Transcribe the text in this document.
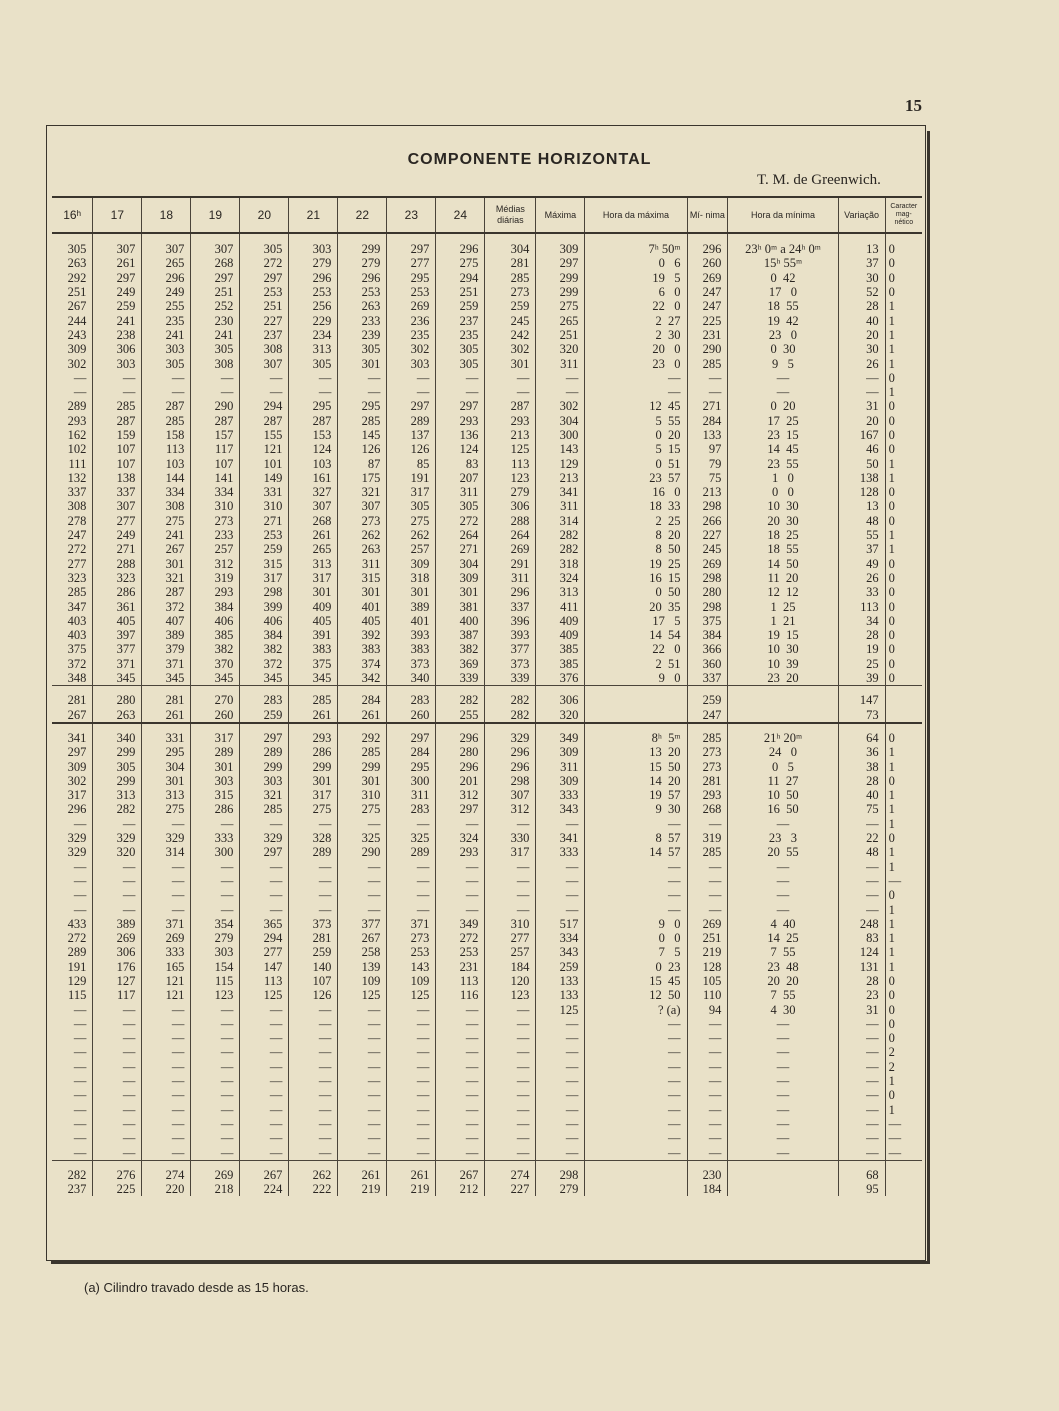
15
COMPONENTE HORIZONTAL
T. M. de Greenwich.
16ʰ	17	18	19	20	21	22	23	24	Médias diárias	Máxima	Hora da máxima	Mí- nima	Hora da mínima	Variação	Caracter mag- nético

305	307	307	307	305	303	299	297	296	304	309	7ʰ 50ᵐ	296	23ʰ 0ᵐ a 24ʰ 0ᵐ	13	0
263	261	265	268	272	279	279	277	275	281	297	0   6	260	15ʰ 55ᵐ	37	0
292	297	296	297	297	296	296	295	294	285	299	19   5	269	0  42	30	0
251	249	249	251	253	253	253	253	251	273	299	6   0	247	17   0	52	0
267	259	255	252	251	256	263	269	259	259	275	22   0	247	18  55	28	1
244	241	235	230	227	229	233	236	237	245	265	2  27	225	19  42	40	1
243	238	241	241	237	234	239	235	235	242	251	2  30	231	23   0	20	1
309	306	303	305	308	313	305	302	305	302	320	20   0	290	0  30	30	1
302	303	305	308	307	305	301	303	305	301	311	23   0	285	9   5	26	1
—	—	—	—	—	—	—	—	—	—	—	—	—	—	—	0
—	—	—	—	—	—	—	—	—	—	—	—	—	—	—	1
289	285	287	290	294	295	295	297	297	287	302	12  45	271	0  20	31	0
293	287	285	287	287	287	285	289	293	293	304	5  55	284	17  25	20	0
162	159	158	157	155	153	145	137	136	213	300	0  20	133	23  15	167	0
102	107	113	117	121	124	126	126	124	125	143	5  15	97	14  45	46	0
111	107	103	107	101	103	87	85	83	113	129	0  51	79	23  55	50	1
132	138	144	141	149	161	175	191	207	123	213	23  57	75	1   0	138	1
337	337	334	334	331	327	321	317	311	279	341	16   0	213	0   0	128	0
308	307	308	310	310	307	307	305	305	306	311	18  33	298	10  30	13	0
278	277	275	273	271	268	273	275	272	288	314	2  25	266	20  30	48	0
247	249	241	233	253	261	262	262	264	264	282	8  20	227	18  25	55	1
272	271	267	257	259	265	263	257	271	269	282	8  50	245	18  55	37	1
277	288	301	312	315	313	311	309	304	291	318	19  25	269	14  50	49	0
323	323	321	319	317	317	315	318	309	311	324	16  15	298	11  20	26	0
285	286	287	293	298	301	301	301	301	296	313	0  50	280	12  12	33	0
347	361	372	384	399	409	401	389	381	337	411	20  35	298	1  25	113	0
403	405	407	406	406	405	405	401	400	396	409	17   5	375	1  21	34	0
403	397	389	385	384	391	392	393	387	393	409	14  54	384	19  15	28	0
375	377	379	382	382	383	383	383	382	377	385	22   0	366	10  30	19	0
372	371	371	370	372	375	374	373	369	373	385	2  51	360	10  39	25	0
348	345	345	345	345	345	342	340	339	339	376	9   0	337	23  20	39	0

281	280	281	270	283	285	284	283	282	282	306		259		147	
267	263	261	260	259	261	261	260	255	282	320		247		73	

341	340	331	317	297	293	292	297	296	329	349	8ʰ  5ᵐ	285	21ʰ 20ᵐ	64	0
297	299	295	289	289	286	285	284	280	296	309	13  20	273	24   0	36	1
309	305	304	301	299	299	299	295	296	296	311	15  50	273	0   5	38	1
302	299	301	303	303	301	301	300	201	298	309	14  20	281	11  27	28	0
317	313	313	315	321	317	310	311	312	307	333	19  57	293	10  50	40	1
296	282	275	286	285	275	275	283	297	312	343	9  30	268	16  50	75	1
—	—	—	—	—	—	—	—	—	—	—	—	—	—	—	1
329	329	329	333	329	328	325	325	324	330	341	8  57	319	23   3	22	0
329	320	314	300	297	289	290	289	293	317	333	14  57	285	20  55	48	1
—	—	—	—	—	—	—	—	—	—	—	—	—	—	—	1
—	—	—	—	—	—	—	—	—	—	—	—	—	—	—	—
—	—	—	—	—	—	—	—	—	—	—	—	—	—	—	0
—	—	—	—	—	—	—	—	—	—	—	—	—	—	—	1
433	389	371	354	365	373	377	371	349	310	517	9   0	269	4  40	248	1
272	269	269	279	294	281	267	273	272	277	334	0   0	251	14  25	83	1
289	306	333	303	277	259	258	253	253	257	343	7   5	219	7  55	124	1
191	176	165	154	147	140	139	143	231	184	259	0  23	128	23  48	131	1
129	127	121	115	113	107	109	109	113	120	133	15  45	105	20  20	28	0
115	117	121	123	125	126	125	125	116	123	133	12  50	110	7  55	23	0
—	—	—	—	—	—	—	—	—	—	125	? (a)	94	4  30	31	0
—	—	—	—	—	—	—	—	—	—	—	—	—	—	—	0
—	—	—	—	—	—	—	—	—	—	—	—	—	—	—	0
—	—	—	—	—	—	—	—	—	—	—	—	—	—	—	2
—	—	—	—	—	—	—	—	—	—	—	—	—	—	—	2
—	—	—	—	—	—	—	—	—	—	—	—	—	—	—	1
—	—	—	—	—	—	—	—	—	—	—	—	—	—	—	0
—	—	—	—	—	—	—	—	—	—	—	—	—	—	—	1
—	—	—	—	—	—	—	—	—	—	—	—	—	—	—	—
—	—	—	—	—	—	—	—	—	—	—	—	—	—	—	—
—	—	—	—	—	—	—	—	—	—	—	—	—	—	—	—

282	276	274	269	267	262	261	261	267	274	298		230		68	
237	225	220	218	224	222	219	219	212	227	279		184		95	
(a) Cilindro travado desde as 15 horas.
